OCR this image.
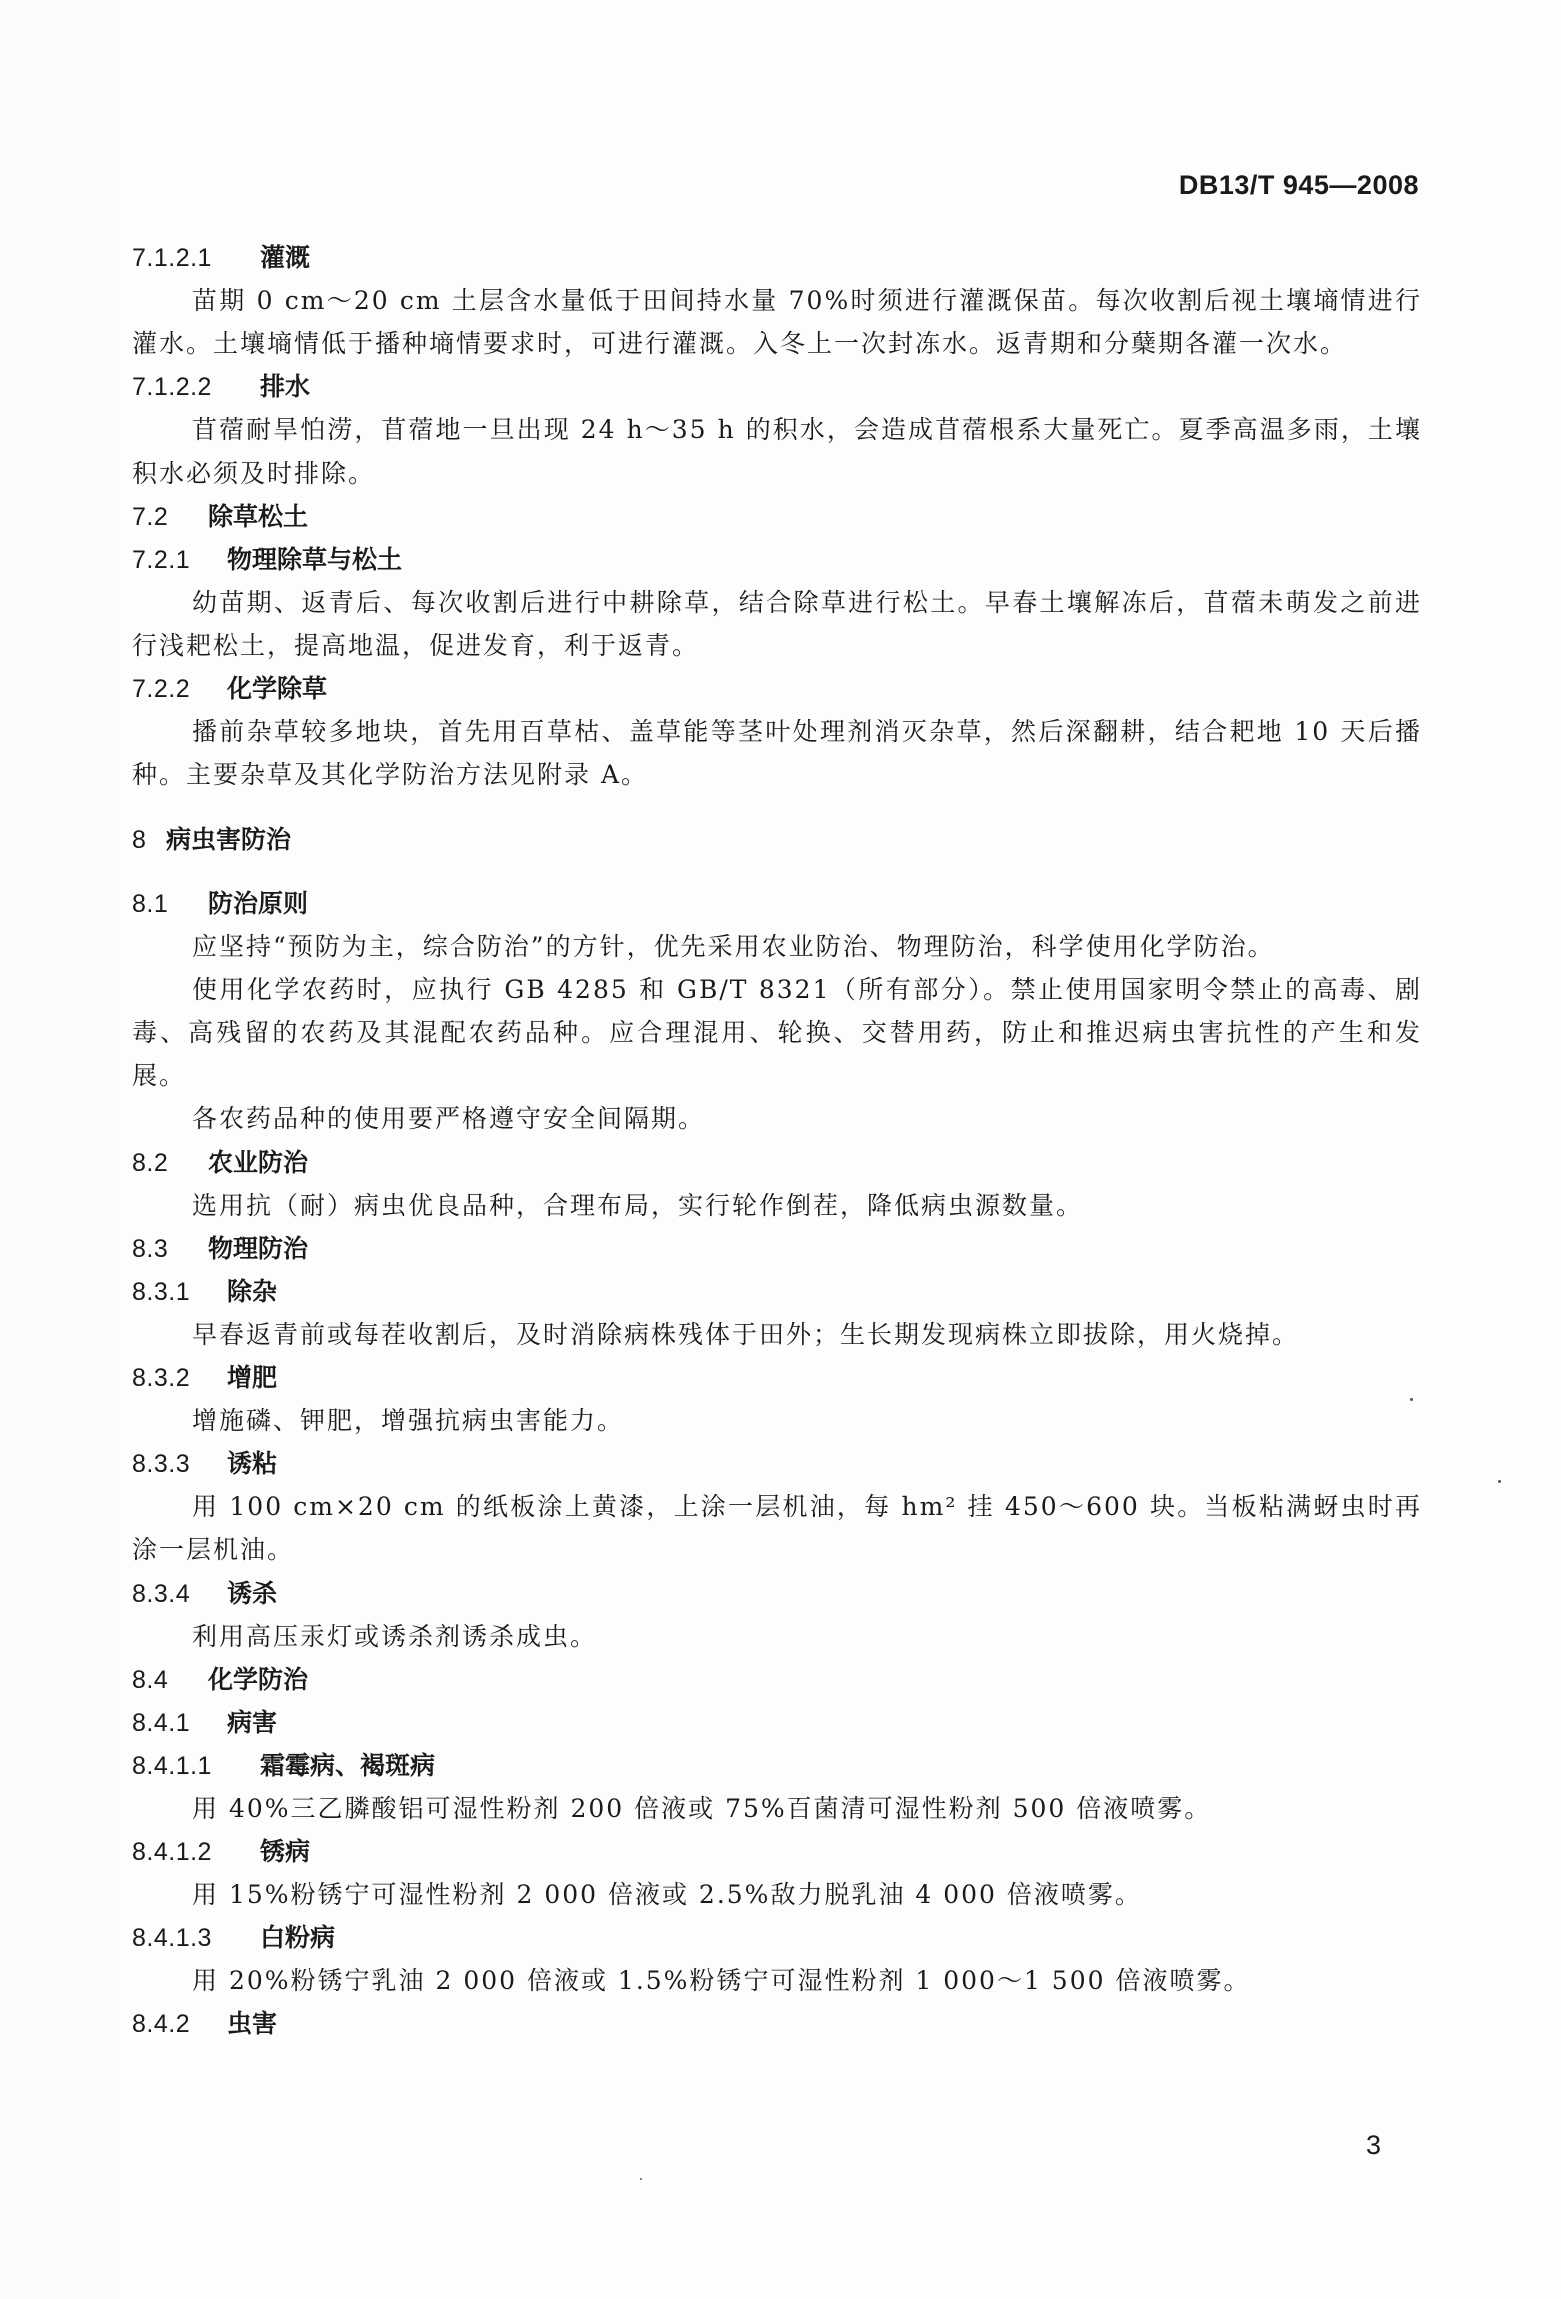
DB13/T 945—2008
7.1.2.1 灌溉
苗期 0 cm～20 cm 土层含水量低于田间持水量 70%时须进行灌溉保苗。每次收割后视土壤墒情进行灌水。土壤墒情低于播种墒情要求时，可进行灌溉。入冬上一次封冻水。返青期和分蘖期各灌一次水。
7.1.2.2 排水
苜蓿耐旱怕涝，苜蓿地一旦出现 24 h～35 h 的积水，会造成苜蓿根系大量死亡。夏季高温多雨，土壤积水必须及时排除。
7.2 除草松土
7.2.1 物理除草与松土
幼苗期、返青后、每次收割后进行中耕除草，结合除草进行松土。早春土壤解冻后，苜蓿未萌发之前进行浅耙松土，提高地温，促进发育，利于返青。
7.2.2 化学除草
播前杂草较多地块，首先用百草枯、盖草能等茎叶处理剂消灭杂草，然后深翻耕，结合耙地 10 天后播种。主要杂草及其化学防治方法见附录 A。
8 病虫害防治
8.1 防治原则
应坚持“预防为主，综合防治”的方针，优先采用农业防治、物理防治，科学使用化学防治。
使用化学农药时，应执行 GB 4285 和 GB/T 8321（所有部分）。禁止使用国家明令禁止的高毒、剧毒、高残留的农药及其混配农药品种。应合理混用、轮换、交替用药，防止和推迟病虫害抗性的产生和发展。
各农药品种的使用要严格遵守安全间隔期。
8.2 农业防治
选用抗（耐）病虫优良品种，合理布局，实行轮作倒茬，降低病虫源数量。
8.3 物理防治
8.3.1 除杂
早春返青前或每茬收割后，及时消除病株残体于田外；生长期发现病株立即拔除，用火烧掉。
8.3.2 增肥
增施磷、钾肥，增强抗病虫害能力。
8.3.3 诱粘
用 100 cm×20 cm 的纸板涂上黄漆，上涂一层机油，每 hm² 挂 450～600 块。当板粘满蚜虫时再涂一层机油。
8.3.4 诱杀
利用高压汞灯或诱杀剂诱杀成虫。
8.4 化学防治
8.4.1 病害
8.4.1.1 霜霉病、褐斑病
用 40%三乙膦酸铝可湿性粉剂 200 倍液或 75%百菌清可湿性粉剂 500 倍液喷雾。
8.4.1.2 锈病
用 15%粉锈宁可湿性粉剂 2 000 倍液或 2.5%敌力脱乳油 4 000 倍液喷雾。
8.4.1.3 白粉病
用 20%粉锈宁乳油 2 000 倍液或 1.5%粉锈宁可湿性粉剂 1 000～1 500 倍液喷雾。
8.4.2 虫害
3
